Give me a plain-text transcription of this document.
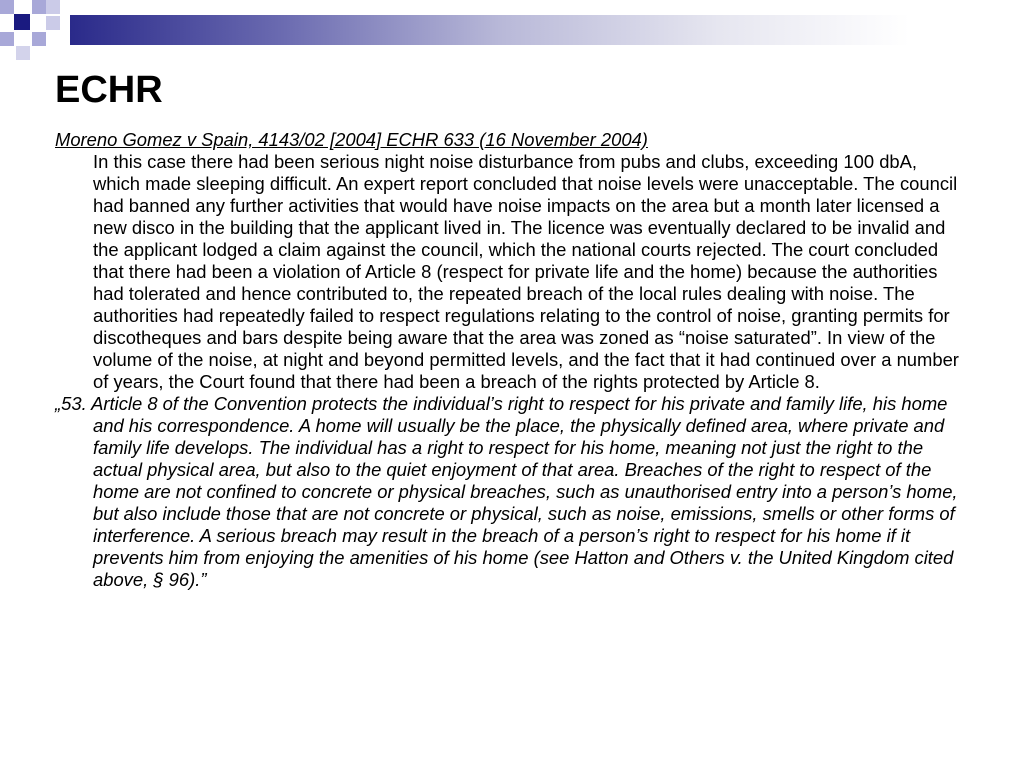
ECHR
Moreno Gomez v Spain, 4143/02 [2004] ECHR 633 (16 November 2004)

In this case there had been serious night noise disturbance from pubs and clubs, exceeding 100 dbA, which made sleeping difficult. An expert report concluded that noise levels were unacceptable. The council had banned any further activities that would have noise impacts on the area but a month later licensed a new disco in the building that the applicant lived in. The licence was eventually declared to be invalid and the applicant lodged a claim against the council, which the national courts rejected. The court concluded that there had been a violation of Article 8 (respect for private life and the home) because the authorities had tolerated and hence contributed to, the repeated breach of the local rules dealing with noise. The authorities had repeatedly failed to respect regulations relating to the control of noise, granting permits for discotheques and bars despite being aware that the area was zoned as “noise saturated”. In view of the volume of the noise, at night and beyond permitted levels, and the fact that it had continued over a number of years, the Court found that there had been a breach of the rights protected by Article 8.

„53. Article 8 of the Convention protects the individual’s right to respect for his private and family life, his home and his correspondence. A home will usually be the place, the physically defined area, where private and family life develops. The individual has a right to respect for his home, meaning not just the right to the actual physical area, but also to the quiet enjoyment of that area. Breaches of the right to respect of the home are not confined to concrete or physical breaches, such as unauthorised entry into a person’s home, but also include those that are not concrete or physical, such as noise, emissions, smells or other forms of interference. A serious breach may result in the breach of a person’s right to respect for his home if it prevents him from enjoying the amenities of his home (see Hatton and Others v. the United Kingdom cited above, § 96).”
